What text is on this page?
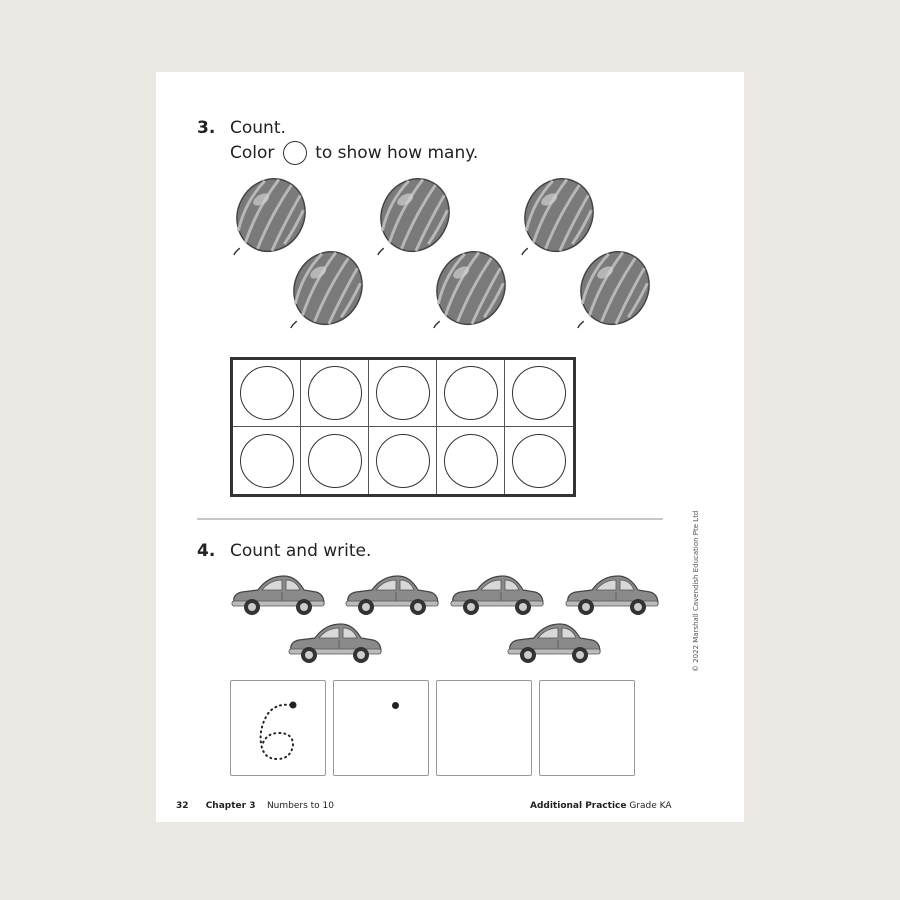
3. Count.
Color to show how many.
4. Count and write.	© 2022 Marshall Cavendish Education Pte Ltd
32 Chapter 3 Numbers to 10	Additional Practice Grade KA
